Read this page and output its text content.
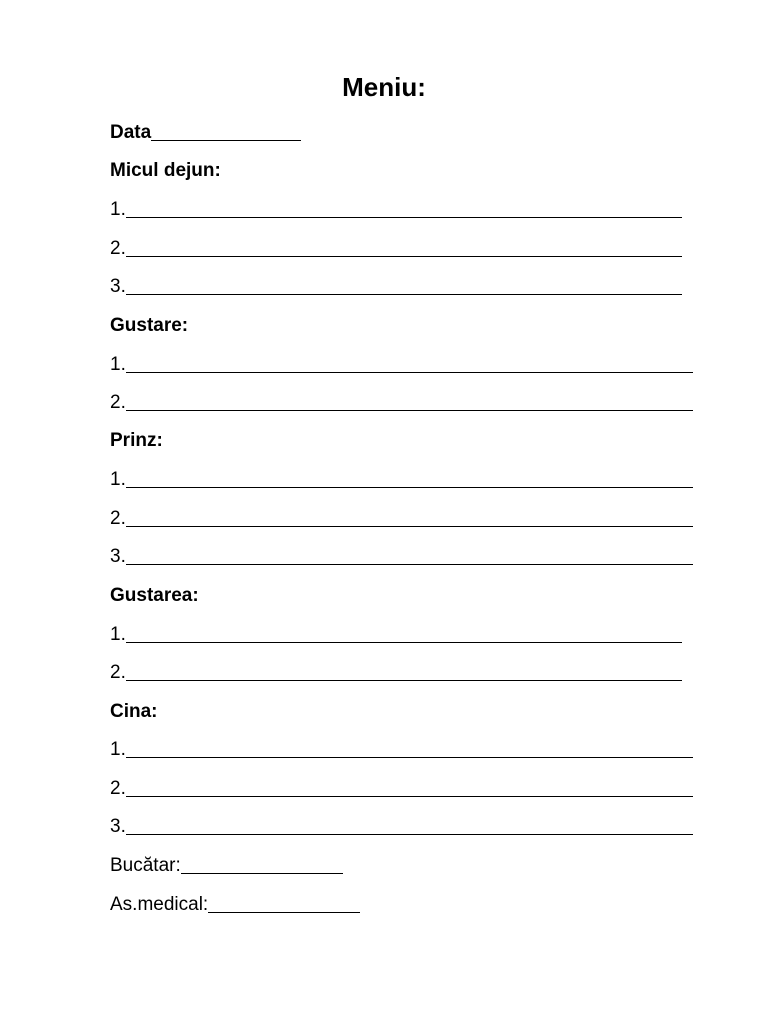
Meniu:
Data
Micul dejun:
1.
2.
3.
Gustare:
1.
2.
Prinz:
1.
2.
3.
Gustarea:
1.
2.
Cina:
1.
2.
3.
Bucătar:
As.medical:
